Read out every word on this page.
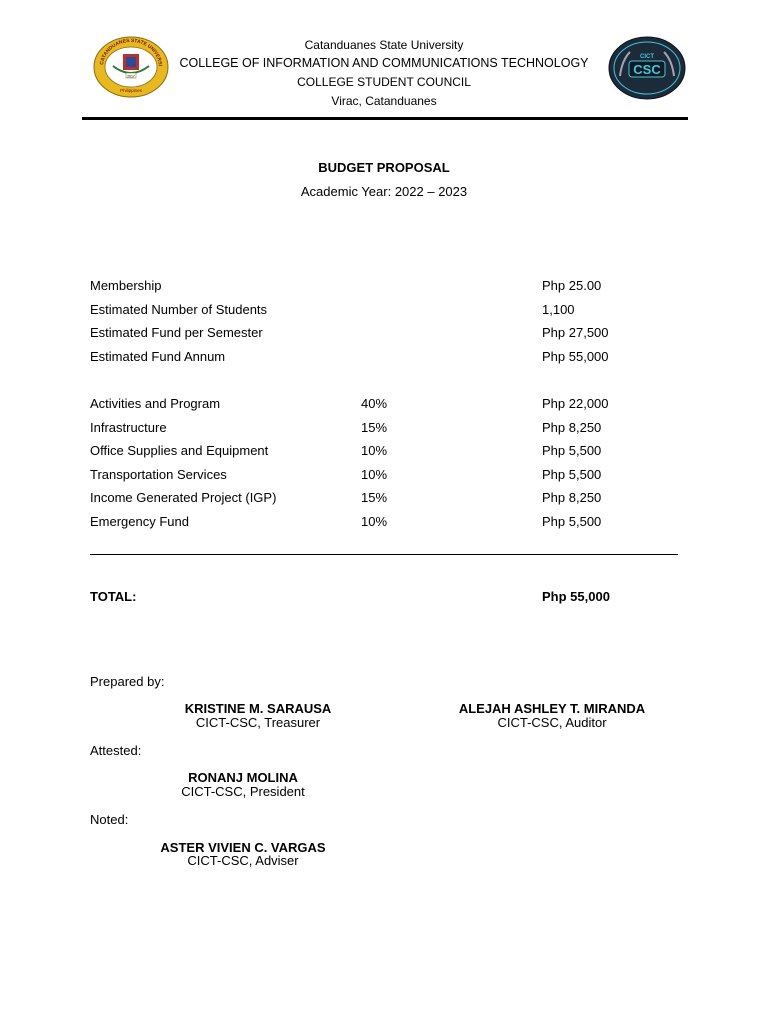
CATANDUANES STATE UNIVERSI
2017
Philippines
CICT
CSC
Catanduanes State University
COLLEGE OF INFORMATION AND COMMUNICATIONS TECHNOLOGY
COLLEGE STUDENT COUNCIL
Virac, Catanduanes
BUDGET PROPOSAL
Academic Year: 2022 – 2023
Membership	Php 25.00
Estimated Number of Students	1,100
Estimated Fund per Semester	Php 27,500
Estimated Fund Annum	Php 55,000
Activities and Program	40%	Php 22,000
Infrastructure	15%	Php 8,250
Office Supplies and Equipment	10%	Php 5,500
Transportation Services	10%	Php 5,500
Income Generated Project (IGP)	15%	Php 8,250
Emergency Fund	10%	Php 5,500
TOTAL:	Php 55,000
Prepared by:
KRISTINE M. SARAUSA
CICT-CSC, Treasurer
ALEJAH ASHLEY T. MIRANDA
CICT-CSC, Auditor
Attested:
RONANJ MOLINA
CICT-CSC, President
Noted:
ASTER VIVIEN C. VARGAS
CICT-CSC, Adviser
